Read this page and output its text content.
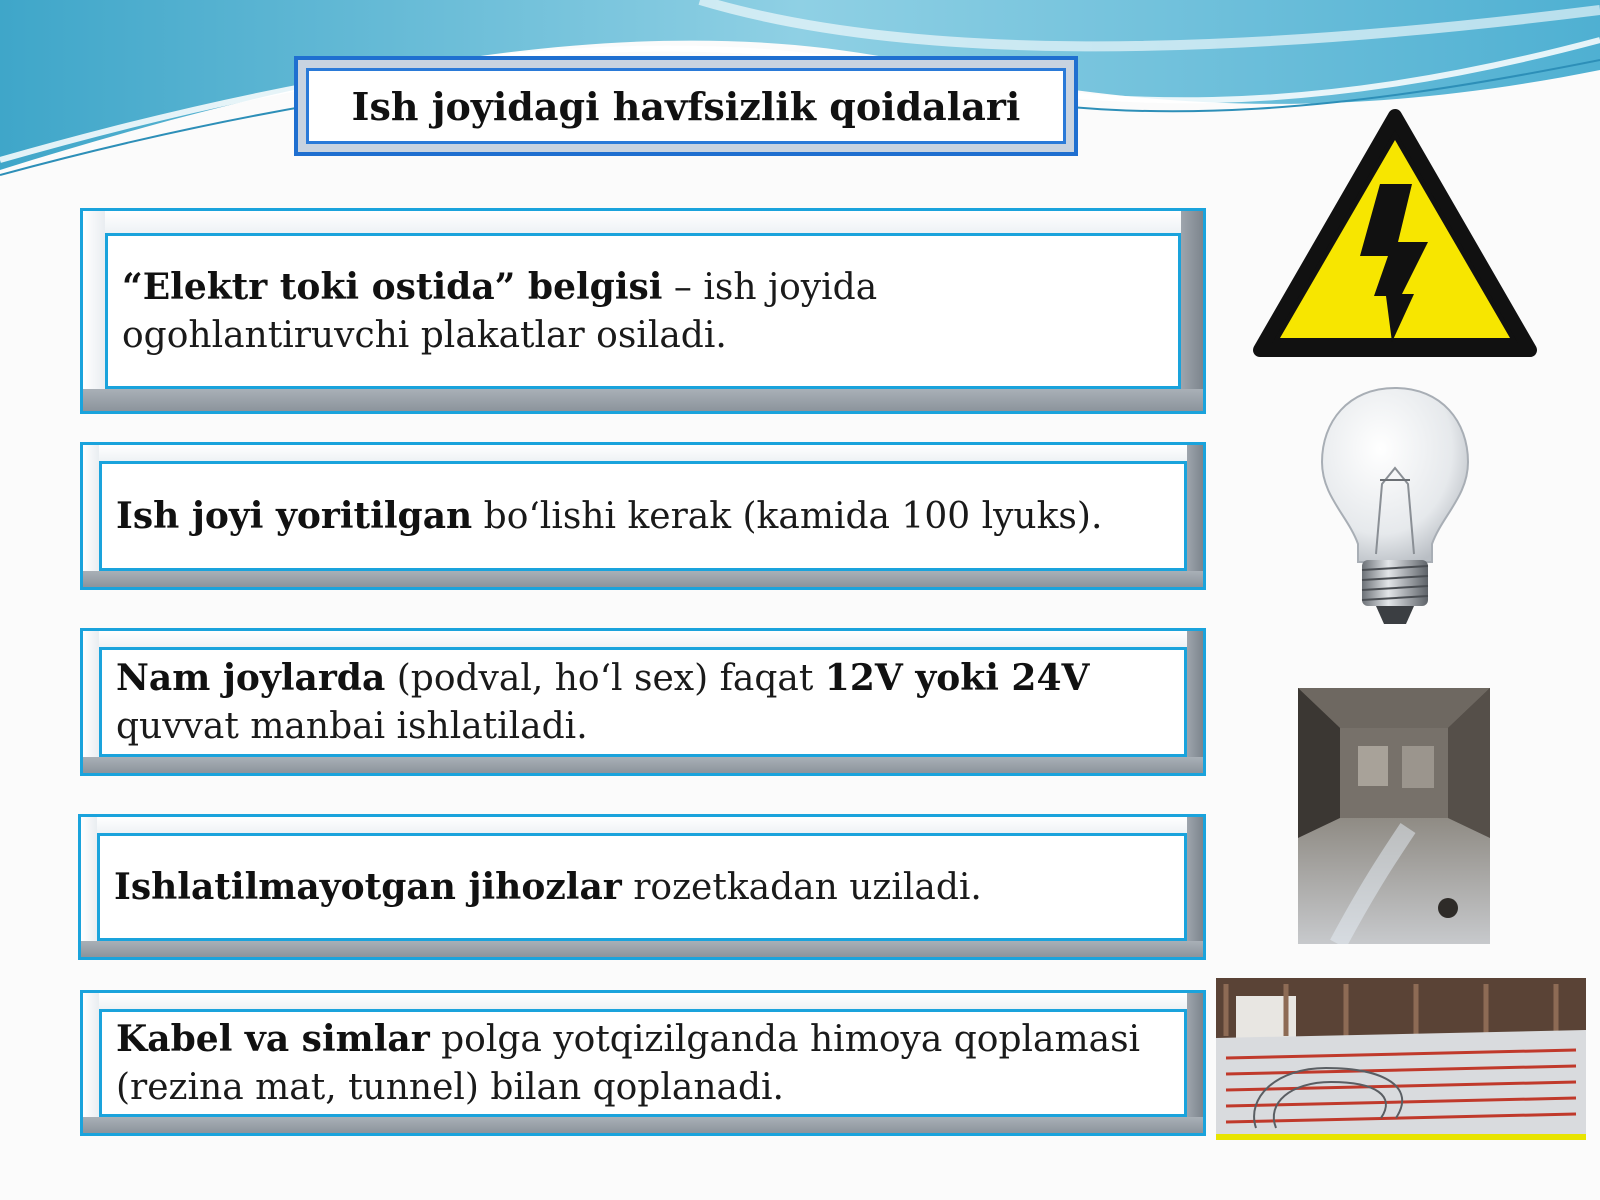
Ish joyidagi havfsizlik qoidalari

“Elektr toki ostida” belgisi – ish joyida ogohlantiruvchi plakatlar osiladi.

Ish joyi yoritilgan bo‘lishi kerak (kamida 100 lyuks).

Nam joylarda (podval, ho‘l sex) faqat 12V yoki 24V quvvat manbai ishlatiladi.

Ishlatilmayotgan jihozlar rozetkadan uziladi.

Kabel va simlar polga yotqizilganda himoya qoplamasi (rezina mat, tunnel) bilan qoplanadi.
